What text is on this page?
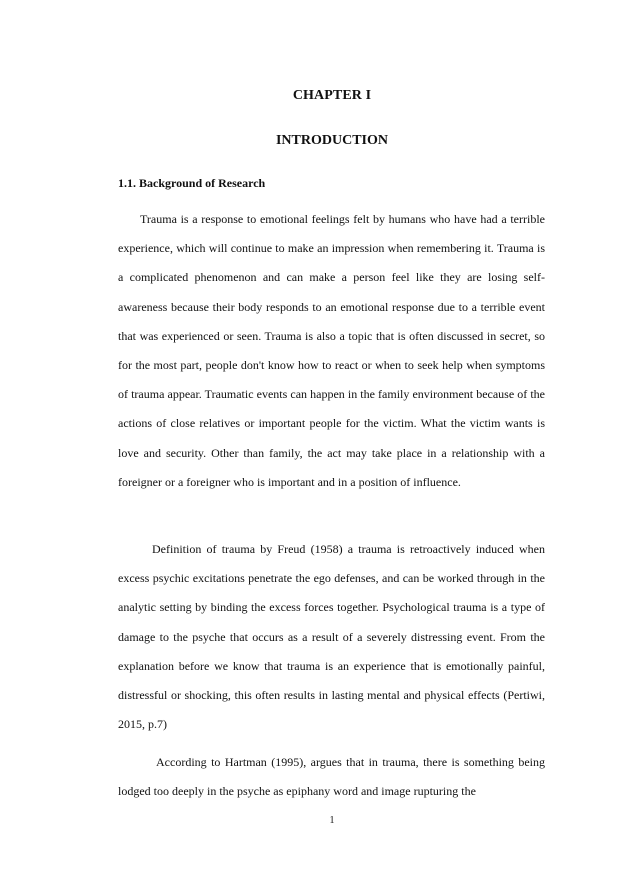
CHAPTER I
INTRODUCTION
1.1. Background of Research

Trauma is a response to emotional feelings felt by humans who have had a terrible experience, which will continue to make an impression when remembering it. Trauma is a complicated phenomenon and can make a person feel like they are losing self-awareness because their body responds to an emotional response due to a terrible event that was experienced or seen. Trauma is also a topic that is often discussed in secret, so for the most part, people don't know how to react or when to seek help when symptoms of trauma appear. Traumatic events can happen in the family environment because of the actions of close relatives or important people for the victim. What the victim wants is love and security. Other than family, the act may take place in a relationship with a foreigner or a foreigner who is important and in a position of influence.

Definition of trauma by Freud (1958) a trauma is retroactively induced when excess psychic excitations penetrate the ego defenses, and can be worked through in the analytic setting by binding the excess forces together. Psychological trauma is a type of damage to the psyche that occurs as a result of a severely distressing event. From the explanation before we know that trauma is an experience that is emotionally painful, distressful or shocking, this often results in lasting mental and physical effects (Pertiwi, 2015, p.7)

According to Hartman (1995), argues that in trauma, there is something being lodged too deeply in the psyche as epiphany word and image rupturing the

1
